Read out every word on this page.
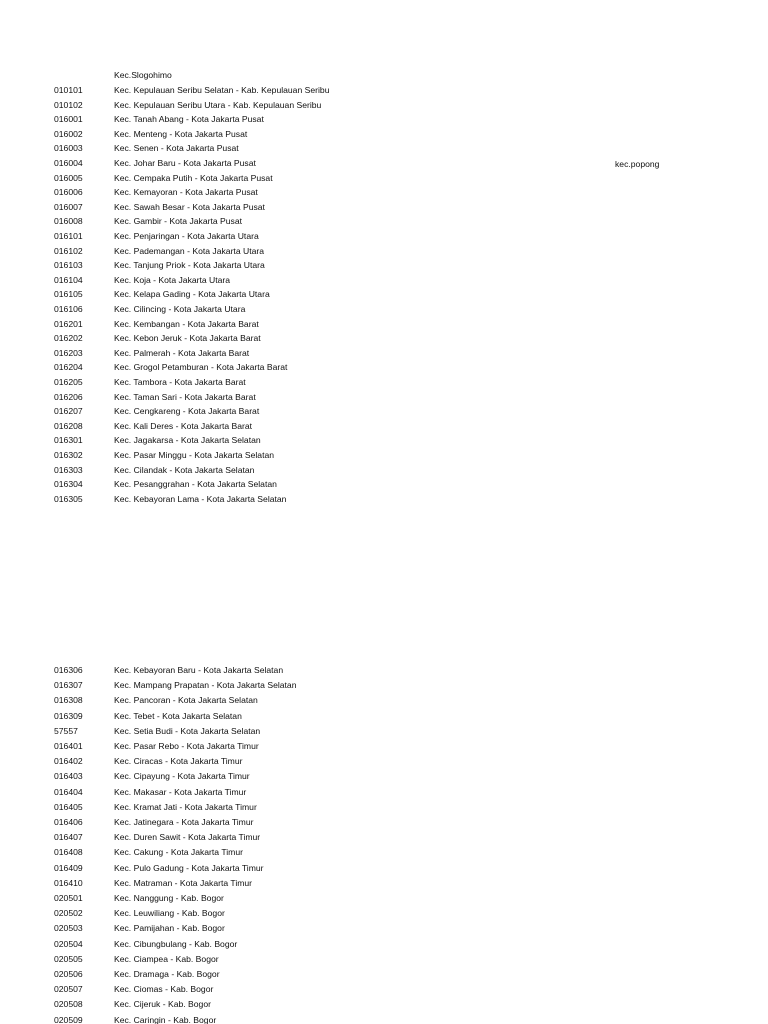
Kec.Slogohimo
kec.popong
010101	Kec. Kepulauan Seribu Selatan - Kab. Kepulauan Seribu
010102	Kec. Kepulauan Seribu Utara - Kab. Kepulauan Seribu
016001	Kec. Tanah Abang - Kota Jakarta Pusat
016002	Kec. Menteng - Kota Jakarta Pusat
016003	Kec. Senen - Kota Jakarta Pusat
016004	Kec. Johar Baru - Kota Jakarta Pusat
016005	Kec. Cempaka Putih - Kota Jakarta Pusat
016006	Kec. Kemayoran - Kota Jakarta Pusat
016007	Kec. Sawah Besar - Kota Jakarta Pusat
016008	Kec. Gambir - Kota Jakarta Pusat
016101	Kec. Penjaringan - Kota Jakarta Utara
016102	Kec. Pademangan - Kota Jakarta Utara
016103	Kec. Tanjung Priok - Kota Jakarta Utara
016104	Kec. Koja - Kota Jakarta Utara
016105	Kec. Kelapa Gading - Kota Jakarta Utara
016106	Kec. Cilincing - Kota Jakarta Utara
016201	Kec. Kembangan - Kota Jakarta Barat
016202	Kec. Kebon Jeruk - Kota Jakarta Barat
016203	Kec. Palmerah - Kota Jakarta Barat
016204	Kec. Grogol Petamburan - Kota Jakarta Barat
016205	Kec. Tambora - Kota Jakarta Barat
016206	Kec. Taman Sari - Kota Jakarta Barat
016207	Kec. Cengkareng - Kota Jakarta Barat
016208	Kec. Kali Deres - Kota Jakarta Barat
016301	Kec. Jagakarsa - Kota Jakarta Selatan
016302	Kec. Pasar Minggu - Kota Jakarta Selatan
016303	Kec. Cilandak - Kota Jakarta Selatan
016304	Kec. Pesanggrahan - Kota Jakarta Selatan
016305	Kec. Kebayoran Lama - Kota Jakarta Selatan
016306	Kec. Kebayoran Baru - Kota Jakarta Selatan
016307	Kec. Mampang Prapatan - Kota Jakarta Selatan
016308	Kec. Pancoran - Kota Jakarta Selatan
016309	Kec. Tebet - Kota Jakarta Selatan
57557	Kec. Setia Budi - Kota Jakarta Selatan
016401	Kec. Pasar Rebo - Kota Jakarta Timur
016402	Kec. Ciracas - Kota Jakarta Timur
016403	Kec. Cipayung - Kota Jakarta Timur
016404	Kec. Makasar - Kota Jakarta Timur
016405	Kec. Kramat Jati - Kota Jakarta Timur
016406	Kec. Jatinegara - Kota Jakarta Timur
016407	Kec. Duren Sawit - Kota Jakarta Timur
016408	Kec. Cakung - Kota Jakarta Timur
016409	Kec. Pulo Gadung - Kota Jakarta Timur
016410	Kec. Matraman - Kota Jakarta Timur
020501	Kec. Nanggung - Kab. Bogor
020502	Kec. Leuwiliang - Kab. Bogor
020503	Kec. Pamijahan - Kab. Bogor
020504	Kec. Cibungbulang - Kab. Bogor
020505	Kec. Ciampea - Kab. Bogor
020506	Kec. Dramaga - Kab. Bogor
020507	Kec. Ciomas - Kab. Bogor
020508	Kec. Cijeruk - Kab. Bogor
020509	Kec. Caringin - Kab. Bogor
